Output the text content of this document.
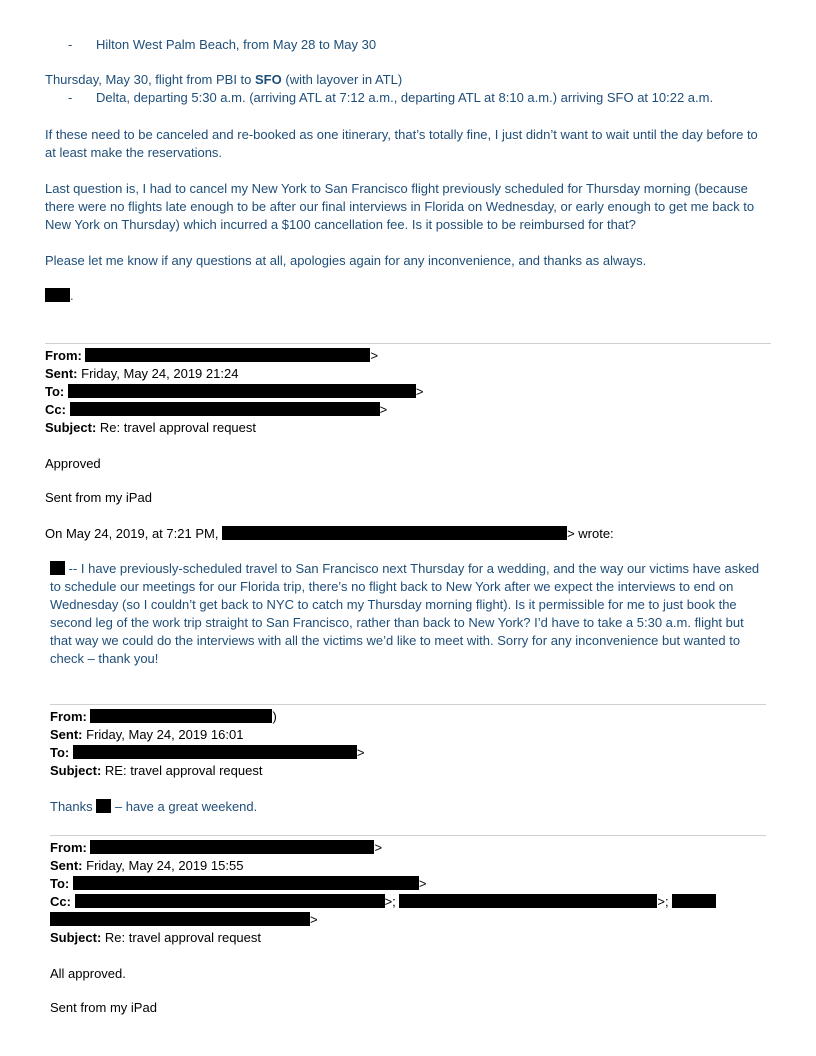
- Hilton West Palm Beach, from May 28 to May 30
Thursday, May 30, flight from PBI to SFO (with layover in ATL)
- Delta, departing 5:30 a.m. (arriving ATL at 7:12 a.m., departing ATL at 8:10 a.m.) arriving SFO at 10:22 a.m.
If these need to be canceled and re-booked as one itinerary, that’s totally fine, I just didn’t want to wait until the day before to at least make the reservations.
Last question is, I had to cancel my New York to San Francisco flight previously scheduled for Thursday morning (because there were no flights late enough to be after our final interviews in Florida on Wednesday, or early enough to get me back to New York on Thursday) which incurred a $100 cancellation fee. Is it possible to be reimbursed for that?
Please let me know if any questions at all, apologies again for any inconvenience, and thanks as always.
.
From:	>
Sent: Friday, May 24, 2019 21:24
To:	>
Cc:	>
Subject: Re: travel approval request
Approved
Sent from my iPad
On May 24, 2019, at 7:21 PM,	> wrote:
-- I have previously-scheduled travel to San Francisco next Thursday for a wedding, and the way our victims have asked to schedule our meetings for our Florida trip, there’s no flight back to New York after we expect the interviews to end on Wednesday (so I couldn’t get back to NYC to catch my Thursday morning flight). Is it permissible for me to just book the second leg of the work trip straight to San Francisco, rather than back to New York? I’d have to take a 5:30 a.m. flight but that way we could do the interviews with all the victims we’d like to meet with. Sorry for any inconvenience but wanted to check – thank you!
From:	)
Sent: Friday, May 24, 2019 16:01
To:	>
Subject: RE: travel approval request
Thanks  – have a great weekend.
From:	>
Sent: Friday, May 24, 2019 15:55
To:	>
Cc:	>;	>;
>
Subject: Re: travel approval request
All approved.
Sent from my iPad
